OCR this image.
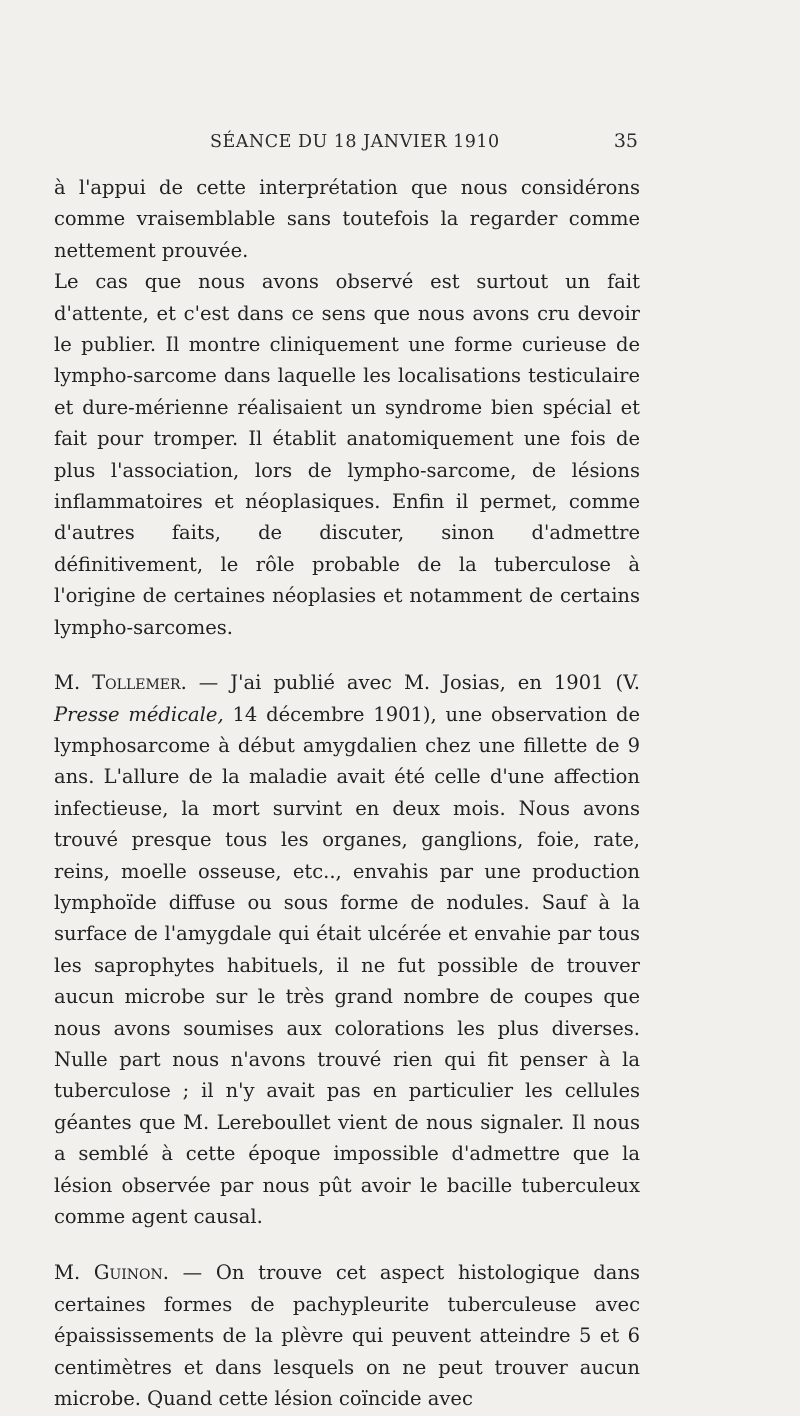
SÉANCE DU 18 JANVIER 1910	35

à l'appui de cette interprétation que nous considérons comme vraisemblable sans toutefois la regarder comme nettement prouvée.

Le cas que nous avons observé est surtout un fait d'attente, et c'est dans ce sens que nous avons cru devoir le publier. Il montre cliniquement une forme curieuse de lympho-sarcome dans laquelle les localisations testiculaire et dure-mérienne réalisaient un syndrome bien spécial et fait pour tromper. Il établit anatomiquement une fois de plus l'association, lors de lympho-sarcome, de lésions inflammatoires et néoplasiques. Enfin il permet, comme d'autres faits, de discuter, sinon d'admettre définitivement, le rôle probable de la tuberculose à l'origine de certaines néoplasies et notamment de certains lympho-sarcomes.

M. Tollemer. — J'ai publié avec M. Josias, en 1901 (V. Presse médicale, 14 décembre 1901), une observation de lymphosarcome à début amygdalien chez une fillette de 9 ans. L'allure de la maladie avait été celle d'une affection infectieuse, la mort survint en deux mois. Nous avons trouvé presque tous les organes, ganglions, foie, rate, reins, moelle osseuse, etc.., envahis par une production lymphoïde diffuse ou sous forme de nodules. Sauf à la surface de l'amygdale qui était ulcérée et envahie par tous les saprophytes habituels, il ne fut possible de trouver aucun microbe sur le très grand nombre de coupes que nous avons soumises aux colorations les plus diverses. Nulle part nous n'avons trouvé rien qui fit penser à la tuberculose ; il n'y avait pas en particulier les cellules géantes que M. Lereboullet vient de nous signaler. Il nous a semblé à cette époque impossible d'admettre que la lésion observée par nous pût avoir le bacille tuberculeux comme agent causal.

M. Guinon. — On trouve cet aspect histologique dans certaines formes de pachypleurite tuberculeuse avec épaississements de la plèvre qui peuvent atteindre 5 et 6 centimètres et dans lesquels on ne peut trouver aucun microbe. Quand cette lésion coïncide avec
